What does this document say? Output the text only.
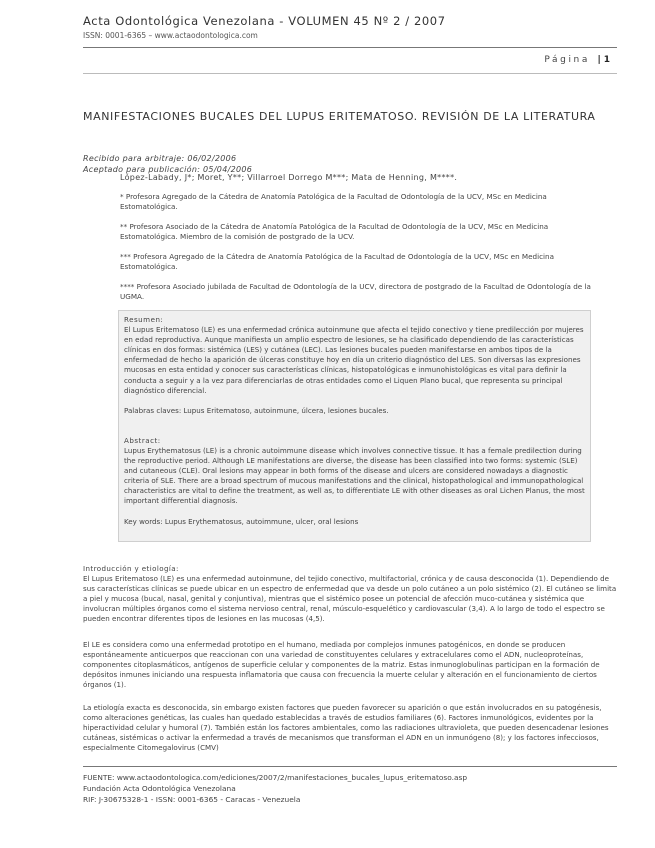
Acta Odontológica Venezolana - VOLUMEN 45 Nº 2 / 2007
ISSN: 0001-6365 – www.actaodontologica.com
Página | 1
MANIFESTACIONES BUCALES DEL LUPUS ERITEMATOSO. REVISIÓN DE LA LITERATURA
Recibido para arbitraje: 06/02/2006
Aceptado para publicación: 05/04/2006
López-Labady, J*; Moret, Y**; Villarroel Dorrego M***; Mata de Henning, M****.
* Profesora Agregado de la Cátedra de Anatomía Patológica de la Facultad de Odontología de la UCV, MSc en Medicina Estomatológica.
** Profesora Asociado de la Cátedra de Anatomía Patológica de la Facultad de Odontología de la UCV, MSc en Medicina Estomatológica. Miembro de la comisión de postgrado de la UCV.
*** Profesora Agregado de la Cátedra de Anatomía Patológica de la Facultad de Odontología de la UCV, MSc en Medicina Estomatológica.
**** Profesora Asociado jubilada de Facultad de Odontología de la UCV, directora de postgrado de la Facultad de Odontología de la UGMA.

Resumen:

El Lupus Eritematoso (LE) es una enfermedad crónica autoinmune que afecta el tejido conectivo y tiene predilección por mujeres en edad reproductiva. Aunque manifiesta un amplio espectro de lesiones, se ha clasificado dependiendo de las características clínicas en dos formas: sistémica (LES) y cutánea (LEC). Las lesiones bucales pueden manifestarse en ambos tipos de la enfermedad de hecho la aparición de úlceras constituye hoy en día un criterio diagnóstico del LES. Son diversas las expresiones mucosas en esta entidad y conocer sus características clínicas, histopatológicas e inmunohistológicas es vital para definir la conducta a seguir y a la vez para diferenciarlas de otras entidades como el Liquen Plano bucal, que representa su principal diagnóstico diferencial.

Palabras claves: Lupus Eritematoso, autoinmune, úlcera, lesiones bucales.

Abstract:

Lupus Erythematosus (LE) is a chronic autoimmune disease which involves connective tissue. It has a female predilection during the reproductive period. Although LE manifestations are diverse, the disease has been classified into two forms: systemic (SLE) and cutaneous (CLE). Oral lesions may appear in both forms of the disease and ulcers are considered nowadays a diagnostic criteria of SLE. There are a broad spectrum of mucous manifestations and the clinical, histopathological and immunopathological characteristics are vital to define the treatment, as well as, to differentiate LE with other diseases as oral Lichen Planus, the most important differential diagnosis.

Key words: Lupus Erythematosus, autoimmune, ulcer, oral lesions

Introducción y etiología:

El Lupus Eritematoso (LE) es una enfermedad autoinmune, del tejido conectivo, multifactorial, crónica y de causa desconocida (1). Dependiendo de sus características clínicas se puede ubicar en un espectro de enfermedad que va desde un polo cutáneo a un polo sistémico (2). El cutáneo se limita a piel y mucosa (bucal, nasal, genital y conjuntiva), mientras que el sistémico posee un potencial de afección muco-cutánea y sistémica que involucran múltiples órganos como el sistema nervioso central, renal, músculo-esquelético y cardiovascular (3,4). A lo largo de todo el espectro se pueden encontrar diferentes tipos de lesiones en las mucosas (4,5).

El LE es considera como una enfermedad prototipo en el humano, mediada por complejos inmunes patogénicos, en donde se producen espontáneamente anticuerpos que reaccionan con una variedad de constituyentes celulares y extracelulares como el ADN, nucleoproteínas, componentes citoplasmáticos, antígenos de superficie celular y componentes de la matriz. Estas inmunoglobulinas participan en la formación de depósitos inmunes iniciando una respuesta inflamatoria que causa con frecuencia la muerte celular y alteración en el funcionamiento de ciertos órganos (1).
La etiología exacta es desconocida, sin embargo existen factores que pueden favorecer su aparición o que están involucrados en su patogénesis, como alteraciones genéticas, las cuales han quedado establecidas a través de estudios familiares (6). Factores inmunológicos, evidentes por la hiperactividad celular y humoral (7). También están los factores ambientales, como las radiaciones ultravioleta, que pueden desencadenar lesiones cutáneas, sistémicas o activar la enfermedad a través de mecanismos que transforman el ADN en un inmunógeno (8); y los factores infecciosos, especialmente Citomegalovirus (CMV)
FUENTE: www.actaodontologica.com/ediciones/2007/2/manifestaciones_bucales_lupus_eritematoso.asp
Fundación Acta Odontológica Venezolana
RIF: J-30675328-1 - ISSN: 0001-6365 - Caracas - Venezuela
